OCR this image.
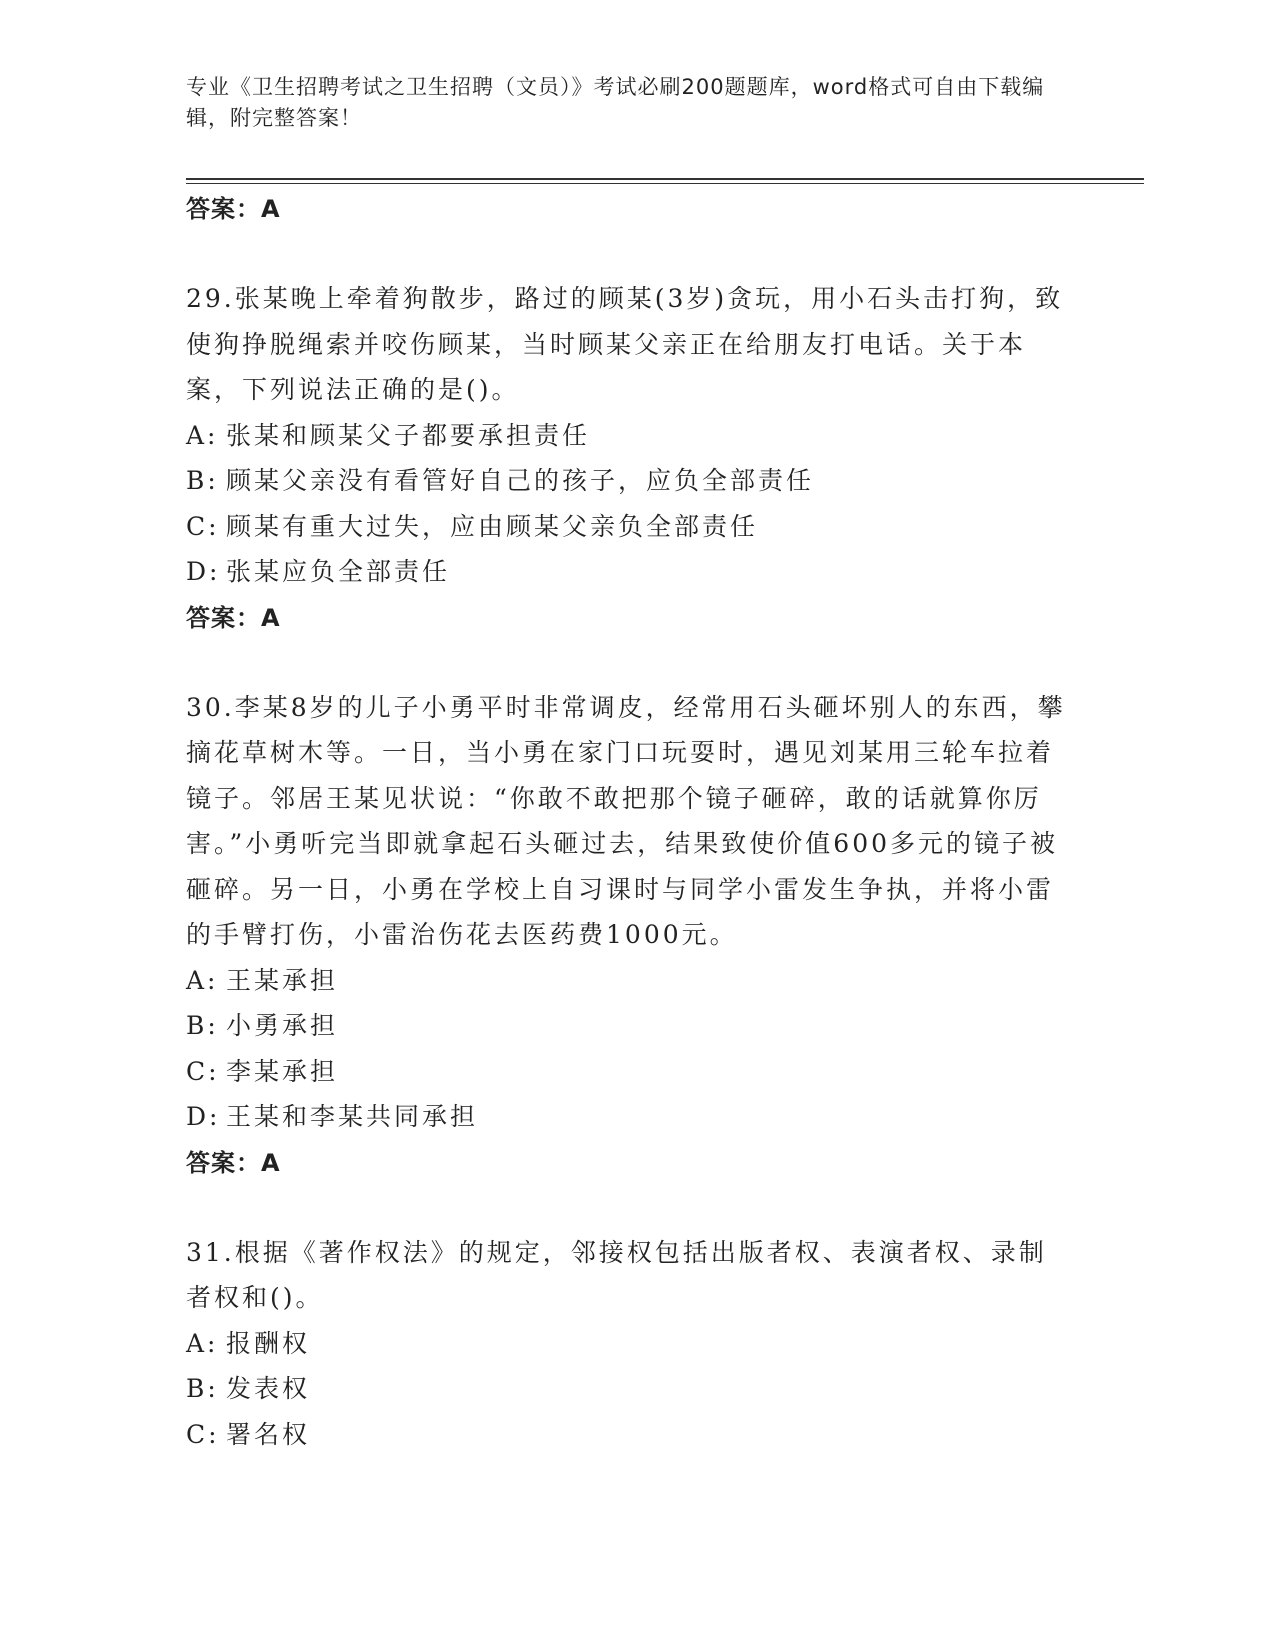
专业《卫生招聘考试之卫生招聘（文员）》考试必刷200题题库，word格式可自由下载编辑，附完整答案！
答案：A
29.张某晚上牵着狗散步，路过的顾某(3岁)贪玩，用小石头击打狗，致使狗挣脱绳索并咬伤顾某，当时顾某父亲正在给朋友打电话。关于本案，下列说法正确的是()。
A: 张某和顾某父子都要承担责任
B: 顾某父亲没有看管好自己的孩子，应负全部责任
C: 顾某有重大过失，应由顾某父亲负全部责任
D: 张某应负全部责任
答案：A
30.李某8岁的儿子小勇平时非常调皮，经常用石头砸坏别人的东西，攀摘花草树木等。一日，当小勇在家门口玩耍时，遇见刘某用三轮车拉着镜子。邻居王某见状说：“你敢不敢把那个镜子砸碎，敢的话就算你厉害。”小勇听完当即就拿起石头砸过去，结果致使价值600多元的镜子被砸碎。另一日，小勇在学校上自习课时与同学小雷发生争执，并将小雷的手臂打伤，小雷治伤花去医药费1000元。
A: 王某承担
B: 小勇承担
C: 李某承担
D: 王某和李某共同承担
答案：A
31.根据《著作权法》的规定，邻接权包括出版者权、表演者权、录制者权和()。
A: 报酬权
B: 发表权
C: 署名权
